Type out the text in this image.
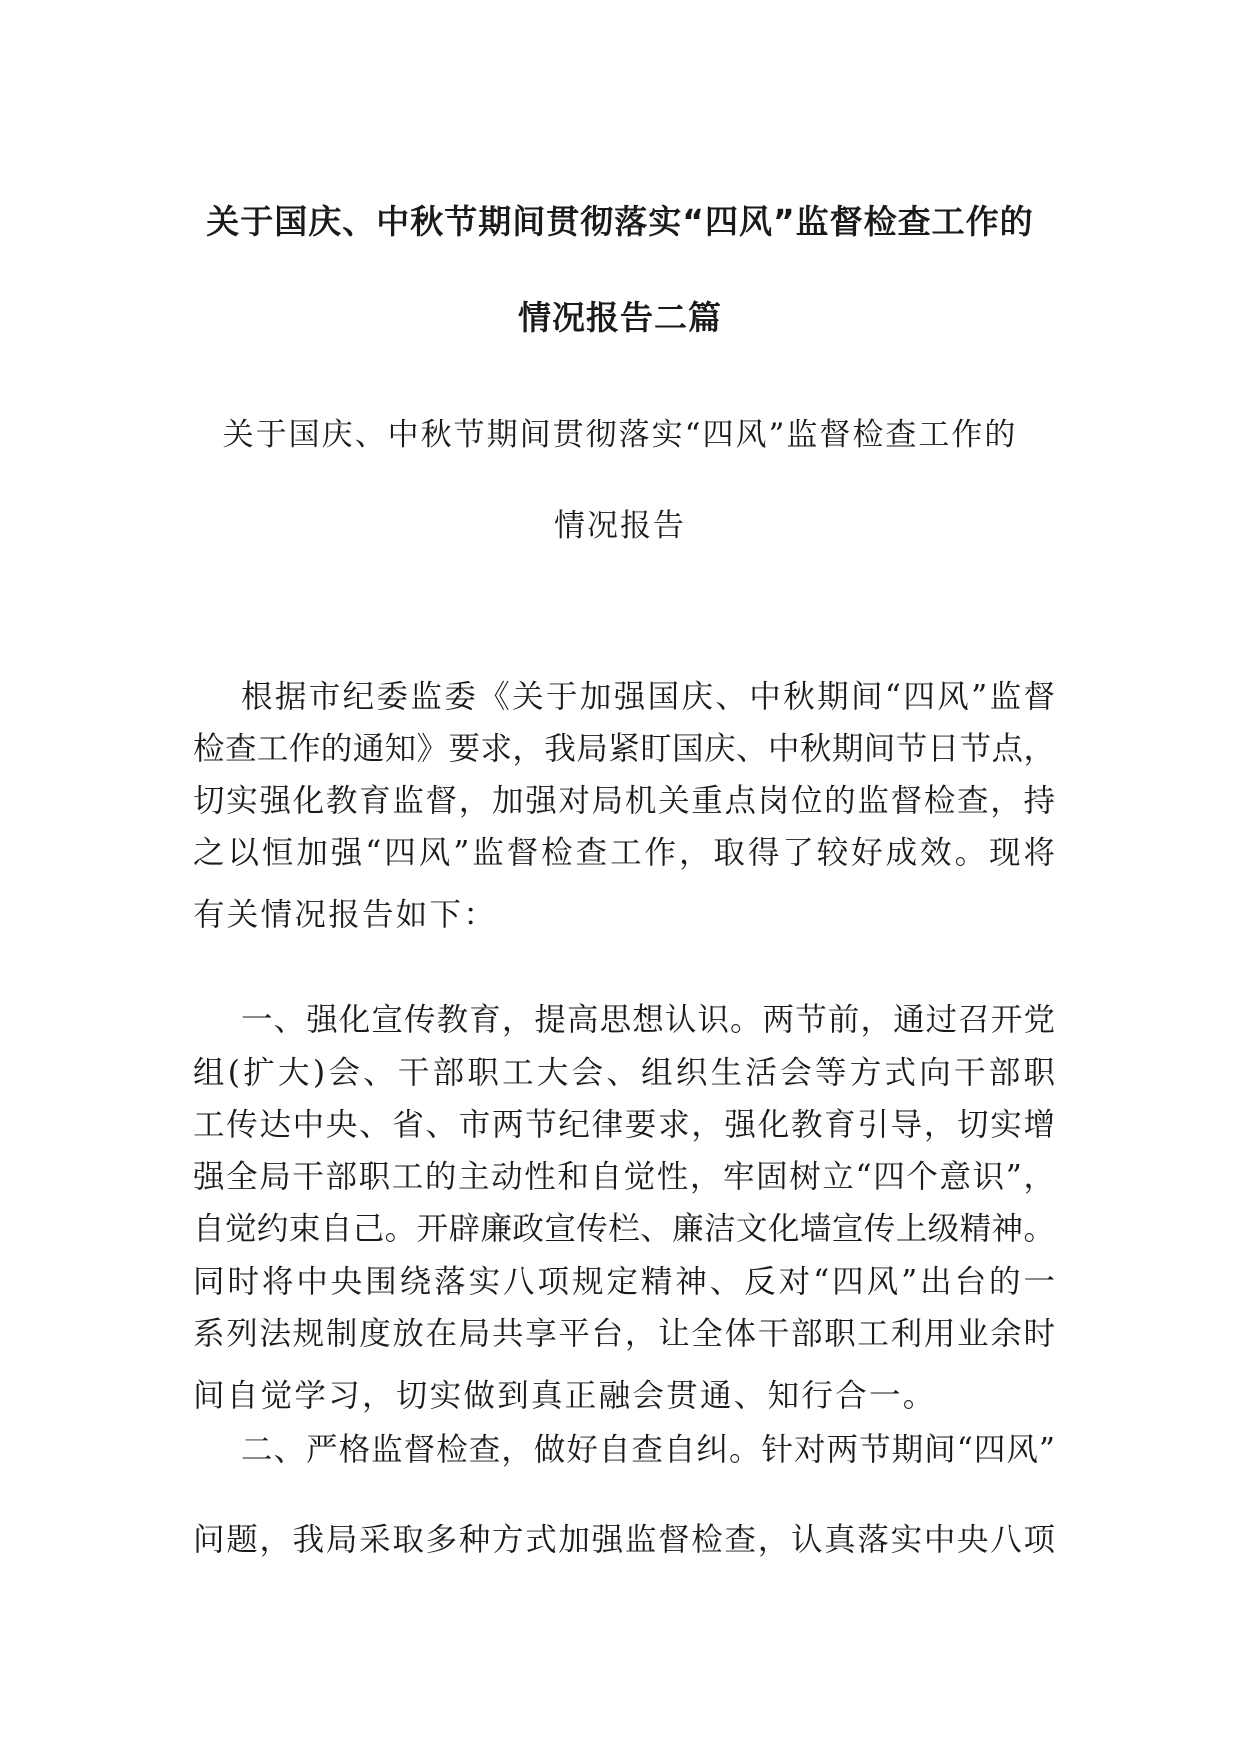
关于国庆、中秋节期间贯彻落实“四风”监督检查工作的
情况报告二篇
关于国庆、中秋节期间贯彻落实“四风”监督检查工作的
情况报告

根据市纪委监委《关于加强国庆、中秋期间“四风”监督

检查工作的通知》要求，我局紧盯国庆、中秋期间节日节点，

切实强化教育监督，加强对局机关重点岗位的监督检查，持

之以恒加强“四风”监督检查工作，取得了较好成效。现将

有关情况报告如下：

一、强化宣传教育，提高思想认识。两节前，通过召开党

组(扩大)会、干部职工大会、组织生活会等方式向干部职

工传达中央、省、市两节纪律要求，强化教育引导，切实增

强全局干部职工的主动性和自觉性，牢固树立“四个意识”，

自觉约束自己。开辟廉政宣传栏、廉洁文化墙宣传上级精神。

同时将中央围绕落实八项规定精神、反对“四风”出台的一

系列法规制度放在局共享平台，让全体干部职工利用业余时

间自觉学习，切实做到真正融会贯通、知行合一。

二、严格监督检查，做好自查自纠。针对两节期间“四风”

问题，我局采取多种方式加强监督检查，认真落实中央八项
